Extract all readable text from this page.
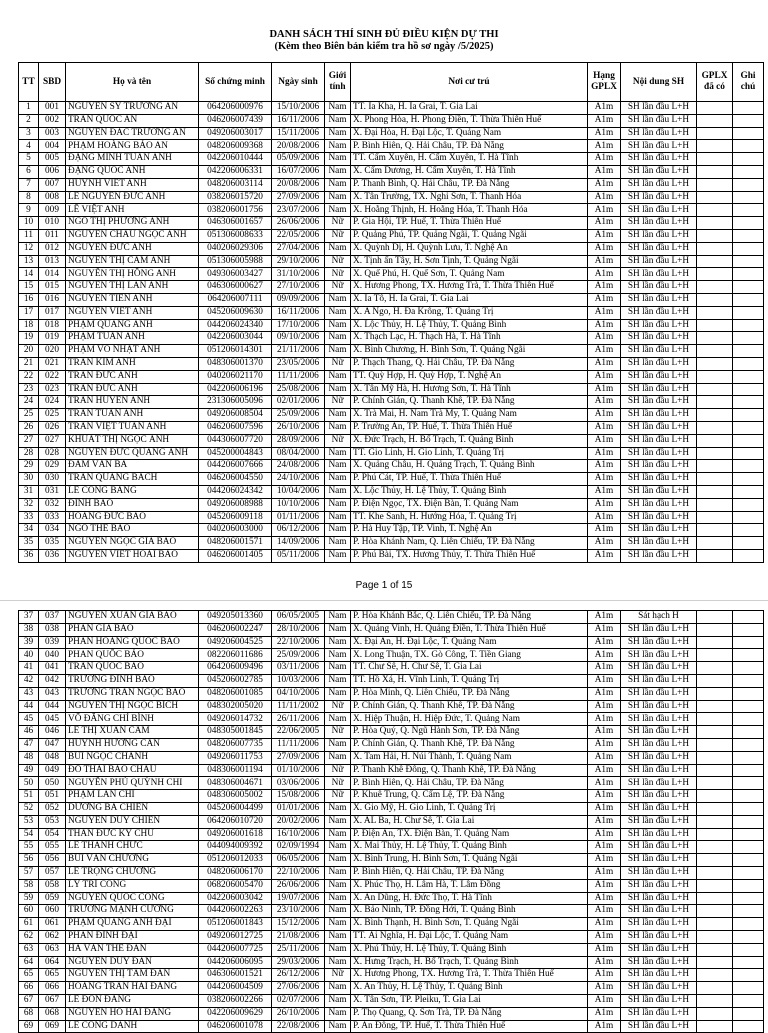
DANH SÁCH THÍ SINH ĐỦ ĐIỀU KIỆN DỰ THI
(Kèm theo Biên bản kiểm tra hồ sơ ngày /5/2025)
TT	SBD	Họ và tên	Số chứng minh	Ngày sinh	Giới tính	Nơi cư trú	Hạng GPLX	Nội dung SH	GPLX đã có	Ghi chú
1	001	NGUYỄN SỸ TRƯỜNG AN	064206000976	15/10/2006	Nam	TT. Ia Kha, H. Ia Grai, T. Gia Lai	A1m	SH lần đầu L+H		
2	002	TRẦN QUỐC AN	046206007439	16/11/2006	Nam	X. Phong Hòa, H. Phong Điền, T. Thừa Thiên Huế	A1m	SH lần đầu L+H		
3	003	NGUYỄN ĐẮC TRƯỜNG AN	049206003017	15/11/2006	Nam	X. Đại Hòa, H. Đại Lộc, T. Quảng Nam	A1m	SH lần đầu L+H		
4	004	PHẠM HOÀNG BẢO AN	048206009368	20/08/2006	Nam	P. Bình Hiên, Q. Hải Châu, TP. Đà Nẵng	A1m	SH lần đầu L+H		
5	005	ĐẶNG MINH TUẤN ANH	042206010444	05/09/2006	Nam	TT. Cẩm Xuyên, H. Cẩm Xuyên, T. Hà Tĩnh	A1m	SH lần đầu L+H		
6	006	ĐẶNG QUỐC ANH	042206006331	16/07/2006	Nam	X. Cẩm Dương, H. Cẩm Xuyên, T. Hà Tĩnh	A1m	SH lần đầu L+H		
7	007	HUỲNH VIẾT ANH	048206003114	20/08/2006	Nam	P. Thanh Bình, Q. Hải Châu, TP. Đà Nẵng	A1m	SH lần đầu L+H		
8	008	LÊ NGUYỄN ĐỨC ANH	038206015720	27/09/2006	Nam	X. Tân Trường, TX. Nghi Sơn, T. Thanh Hóa	A1m	SH lần đầu L+H		
9	009	LÊ VIỆT ANH	038206001756	23/07/2006	Nam	X. Hoằng Thịnh, H. Hoằng Hóa, T. Thanh Hóa	A1m	SH lần đầu L+H		
10	010	NGÔ THỊ PHƯƠNG ANH	046306001657	26/06/2006	Nữ	P. Gia Hội, TP. Huế, T. Thừa Thiên Huế	A1m	SH lần đầu L+H		
11	011	NGUYỄN CHÂU NGỌC ANH	051306008633	22/05/2006	Nữ	P. Quảng Phú, TP. Quảng Ngãi, T. Quảng Ngãi	A1m	SH lần đầu L+H		
12	012	NGUYỄN ĐỨC ANH	040206029306	27/04/2006	Nam	X. Quỳnh Dị, H. Quỳnh Lưu, T. Nghệ An	A1m	SH lần đầu L+H		
13	013	NGUYỄN THỊ CẨM ANH	051306005988	29/10/2006	Nữ	X. Tịnh ấn Tây, H. Sơn Tịnh, T. Quảng Ngãi	A1m	SH lần đầu L+H		
14	014	NGUYỄN THỊ HỒNG ANH	049306003427	31/10/2006	Nữ	X. Quế Phú, H. Quế Sơn, T. Quảng Nam	A1m	SH lần đầu L+H		
15	015	NGUYỄN THỊ LAN ANH	046306000627	27/10/2006	Nữ	X. Hương Phong, TX. Hương Trà, T. Thừa Thiên Huế	A1m	SH lần đầu L+H		
16	016	NGUYỄN TIẾN ANH	064206007111	09/09/2006	Nam	X. Ia Tô, H. Ia Grai, T. Gia Lai	A1m	SH lần đầu L+H		
17	017	NGUYỄN VIẾT ANH	045206009630	16/11/2006	Nam	X. A Ngo, H. Đa Krông, T. Quảng Trị	A1m	SH lần đầu L+H		
18	018	PHẠM QUANG ANH	044206024340	17/10/2006	Nam	X. Lộc Thủy, H. Lệ Thủy, T. Quảng Bình	A1m	SH lần đầu L+H		
19	019	PHẠM TUẤN ANH	042206003044	09/10/2006	Nam	X. Thạch Lạc, H. Thạch Hà, T. Hà Tĩnh	A1m	SH lần đầu L+H		
20	020	PHẠM VÕ NHẬT ANH	051206014301	21/11/2006	Nam	X. Bình Chương, H. Bình Sơn, T. Quảng Ngãi	A1m	SH lần đầu L+H		
21	021	TRẦN KIM ANH	048306001370	23/05/2006	Nữ	P. Thạch Thang, Q. Hải Châu, TP. Đà Nẵng	A1m	SH lần đầu L+H		
22	022	TRẦN ĐỨC ANH	040206021170	11/11/2006	Nam	TT. Quỳ Hợp, H. Quỳ Hợp, T. Nghệ An	A1m	SH lần đầu L+H		
23	023	TRẦN ĐỨC ANH	042206006196	25/08/2006	Nam	X. Tân Mỹ Hà, H. Hương Sơn, T. Hà Tĩnh	A1m	SH lần đầu L+H		
24	024	TRẦN HUYỀN ANH	231306005096	02/01/2006	Nữ	P. Chính Gián, Q. Thanh Khê, TP. Đà Nẵng	A1m	SH lần đầu L+H		
25	025	TRẦN TUẤN ANH	049206008504	25/09/2006	Nam	X. Trà Mai, H. Nam Trà My, T. Quảng Nam	A1m	SH lần đầu L+H		
26	026	TRẦN VIỆT TUẤN ANH	046206007596	26/10/2006	Nam	P. Trường An, TP. Huế, T. Thừa Thiên Huế	A1m	SH lần đầu L+H		
27	027	KHUẤT THỊ NGỌC ÁNH	044306007720	28/09/2006	Nữ	X. Đức Trạch, H. Bố Trạch, T. Quảng Bình	A1m	SH lần đầu L+H		
28	028	NGUYỄN ĐỨC QUANG ÁNH	045200004843	08/04/2000	Nam	TT. Gio Linh, H. Gio Linh, T. Quảng Trị	A1m	SH lần đầu L+H		
29	029	ĐÀM VĂN BA	044206007666	24/08/2006	Nam	X. Quảng Châu, H. Quảng Trạch, T. Quảng Bình	A1m	SH lần đầu L+H		
30	030	TRẦN QUANG BÁCH	046206004550	24/10/2006	Nam	P. Phú Cát, TP. Huế, T. Thừa Thiên Huế	A1m	SH lần đầu L+H		
31	031	LÊ CÔNG BẰNG	044206024342	10/04/2006	Nam	X. Lộc Thủy, H. Lệ Thủy, T. Quảng Bình	A1m	SH lần đầu L+H		
32	032	ĐINH BẢO	049206008988	10/10/2006	Nam	P. Điện Ngọc, TX. Điện Bàn, T. Quảng Nam	A1m	SH lần đầu L+H		
33	033	HOÀNG ĐỨC BẢO	045206009118	01/11/2006	Nam	TT. Khe Sanh, H. Hướng Hóa, T. Quảng Trị	A1m	SH lần đầu L+H		
34	034	NGÔ THẾ BẢO	040206003000	06/12/2006	Nam	P. Hà Huy Tập, TP. Vinh, T. Nghệ An	A1m	SH lần đầu L+H		
35	035	NGUYỄN NGỌC GIA BẢO	048206001571	14/09/2006	Nam	P. Hòa Khánh Nam, Q. Liên Chiểu, TP. Đà Nẵng	A1m	SH lần đầu L+H		
36	036	NGUYỄN VIẾT HOÀI BẢO	046206001405	05/11/2006	Nam	P. Phú Bài, TX. Hương Thủy, T. Thừa Thiên Huế	A1m	SH lần đầu L+H		
Page 1 of 15
37	037	NGUYỄN XUÂN GIA BẢO	049205013360	06/05/2005	Nam	P. Hòa Khánh Bắc, Q. Liên Chiểu, TP. Đà Nẵng	A1m	Sát hạch H		
38	038	PHAN GIA BẢO	046206002247	28/10/2006	Nam	X. Quảng Vinh, H. Quảng Điền, T. Thừa Thiên Huế	A1m	SH lần đầu L+H		
39	039	PHAN HOÀNG QUỐC BẢO	049206004525	22/10/2006	Nam	X. Đại An, H. Đại Lộc, T. Quảng Nam	A1m	SH lần đầu L+H		
40	040	PHAN QUỐC BẢO	082206011686	25/09/2006	Nam	X. Long Thuận, TX. Gò Công, T. Tiền Giang	A1m	SH lần đầu L+H		
41	041	TRẦN QUỐC BẢO	064206009496	03/11/2006	Nam	TT. Chư Sê, H. Chư Sê, T. Gia Lai	A1m	SH lần đầu L+H		
42	042	TRƯƠNG ĐÌNH BẢO	045206002785	10/03/2006	Nam	TT. Hồ Xá, H. Vĩnh Linh, T. Quảng Trị	A1m	SH lần đầu L+H		
43	043	TRƯƠNG TRẦN NGỌC BẢO	048206001085	04/10/2006	Nam	P. Hòa Minh, Q. Liên Chiểu, TP. Đà Nẵng	A1m	SH lần đầu L+H		
44	044	NGUYỄN THỊ NGỌC BÍCH	048302005020	11/11/2002	Nữ	P. Chính Gián, Q. Thanh Khê, TP. Đà Nẵng	A1m	SH lần đầu L+H		
45	045	VÕ ĐĂNG CHÍ BÌNH	049206014732	26/11/2006	Nam	X. Hiệp Thuận, H. Hiệp Đức, T. Quảng Nam	A1m	SH lần đầu L+H		
46	046	LÊ THỊ XUÂN CẦM	048305001845	22/06/2005	Nữ	P. Hòa Quý, Q. Ngũ Hành Sơn, TP. Đà Nẵng	A1m	SH lần đầu L+H		
47	047	HUỲNH HƯƠNG CẦN	048206007735	11/11/2006	Nam	P. Chính Gián, Q. Thanh Khê, TP. Đà Nẵng	A1m	SH lần đầu L+H		
48	048	BÙI NGỌC CHÁNH	049206011753	27/09/2006	Nam	X. Tam Hải, H. Núi Thành, T. Quảng Nam	A1m	SH lần đầu L+H		
49	049	ĐỖ THÁI BẢO CHÂU	048306001194	01/10/2006	Nữ	P. Thanh Khê Đông, Q. Thanh Khê, TP. Đà Nẵng	A1m	SH lần đầu L+H		
50	050	NGUYỄN PHÚ QUỲNH CHI	048306004671	03/06/2006	Nữ	P. Bình Hiên, Q. Hải Châu, TP. Đà Nẵng	A1m	SH lần đầu L+H		
51	051	PHẠM LAN CHI	048306005002	15/08/2006	Nữ	P. Khuê Trung, Q. Cẩm Lệ, TP. Đà Nẵng	A1m	SH lần đầu L+H		
52	052	DƯƠNG BÁ CHIẾN	045206004499	01/01/2006	Nam	X. Gio Mỹ, H. Gio Linh, T. Quảng Trị	A1m	SH lần đầu L+H		
53	053	NGUYỄN DUY CHIẾN	064206010720	20/02/2006	Nam	X. AL Ba, H. Chư Sê, T. Gia Lai	A1m	SH lần đầu L+H		
54	054	THÂN ĐỨC KỲ CHU	049206001618	16/10/2006	Nam	P. Điện An, TX. Điện Bàn, T. Quảng Nam	A1m	SH lần đầu L+H		
55	055	LÊ THANH CHỨC	044094009392	02/09/1994	Nam	X. Mai Thủy, H. Lệ Thủy, T. Quảng Bình	A1m	SH lần đầu L+H		
56	056	BÙI VĂN CHƯƠNG	051206012033	06/05/2006	Nam	X. Bình Trung, H. Bình Sơn, T. Quảng Ngãi	A1m	SH lần đầu L+H		
57	057	LÊ TRỌNG CHƯƠNG	048206006170	22/10/2006	Nam	P. Bình Hiên, Q. Hải Châu, TP. Đà Nẵng	A1m	SH lần đầu L+H		
58	058	LÝ TRÍ CÔNG	068206005470	26/06/2006	Nam	X. Phúc Thọ, H. Lâm Hà, T. Lâm Đồng	A1m	SH lần đầu L+H		
59	059	NGUYỄN QUỐC CÔNG	042206003042	19/07/2006	Nam	X. An Dũng, H. Đức Thọ, T. Hà Tĩnh	A1m	SH lần đầu L+H		
60	060	TRƯƠNG MẠNH CƯỜNG	044206002263	23/10/2006	Nam	X. Bảo Ninh, TP. Đồng Hới, T. Quảng Bình	A1m	SH lần đầu L+H		
61	061	PHẠM QUANG ANH ĐẠI	051206001843	15/12/2006	Nam	X. Bình Thạnh, H. Bình Sơn, T. Quảng Ngãi	A1m	SH lần đầu L+H		
62	062	PHAN ĐÌNH ĐẠI	049206012725	21/08/2006	Nam	TT. Ái Nghĩa, H. Đại Lộc, T. Quảng Nam	A1m	SH lần đầu L+H		
63	063	HÀ VĂN THẾ ĐAN	044206007725	25/11/2006	Nam	X. Phú Thủy, H. Lệ Thủy, T. Quảng Bình	A1m	SH lần đầu L+H		
64	064	NGUYỄN DUY ĐAN	044206006095	29/03/2006	Nam	X. Hưng Trạch, H. Bố Trạch, T. Quảng Bình	A1m	SH lần đầu L+H		
65	065	NGUYỄN THỊ TÂM ĐAN	046306001521	26/12/2006	Nữ	X. Hương Phong, TX. Hương Trà, T. Thừa Thiên Huế	A1m	SH lần đầu L+H		
66	066	HOÀNG TRẦN HẢI ĐĂNG	044206004509	27/06/2006	Nam	X. An Thủy, H. Lệ Thủy, T. Quảng Bình	A1m	SH lần đầu L+H		
67	067	LÊ ĐÔN ĐĂNG	038206002266	02/07/2006	Nam	X. Tân Sơn, TP. Pleiku, T. Gia Lai	A1m	SH lần đầu L+H		
68	068	NGUYỄN HỒ HẢI ĐĂNG	042206009629	26/10/2006	Nam	P. Thọ Quang, Q. Sơn Trà, TP. Đà Nẵng	A1m	SH lần đầu L+H		
69	069	LÊ CÔNG DANH	046206001078	22/08/2006	Nam	P. An Đông, TP. Huế, T. Thừa Thiên Huế	A1m	SH lần đầu L+H		
